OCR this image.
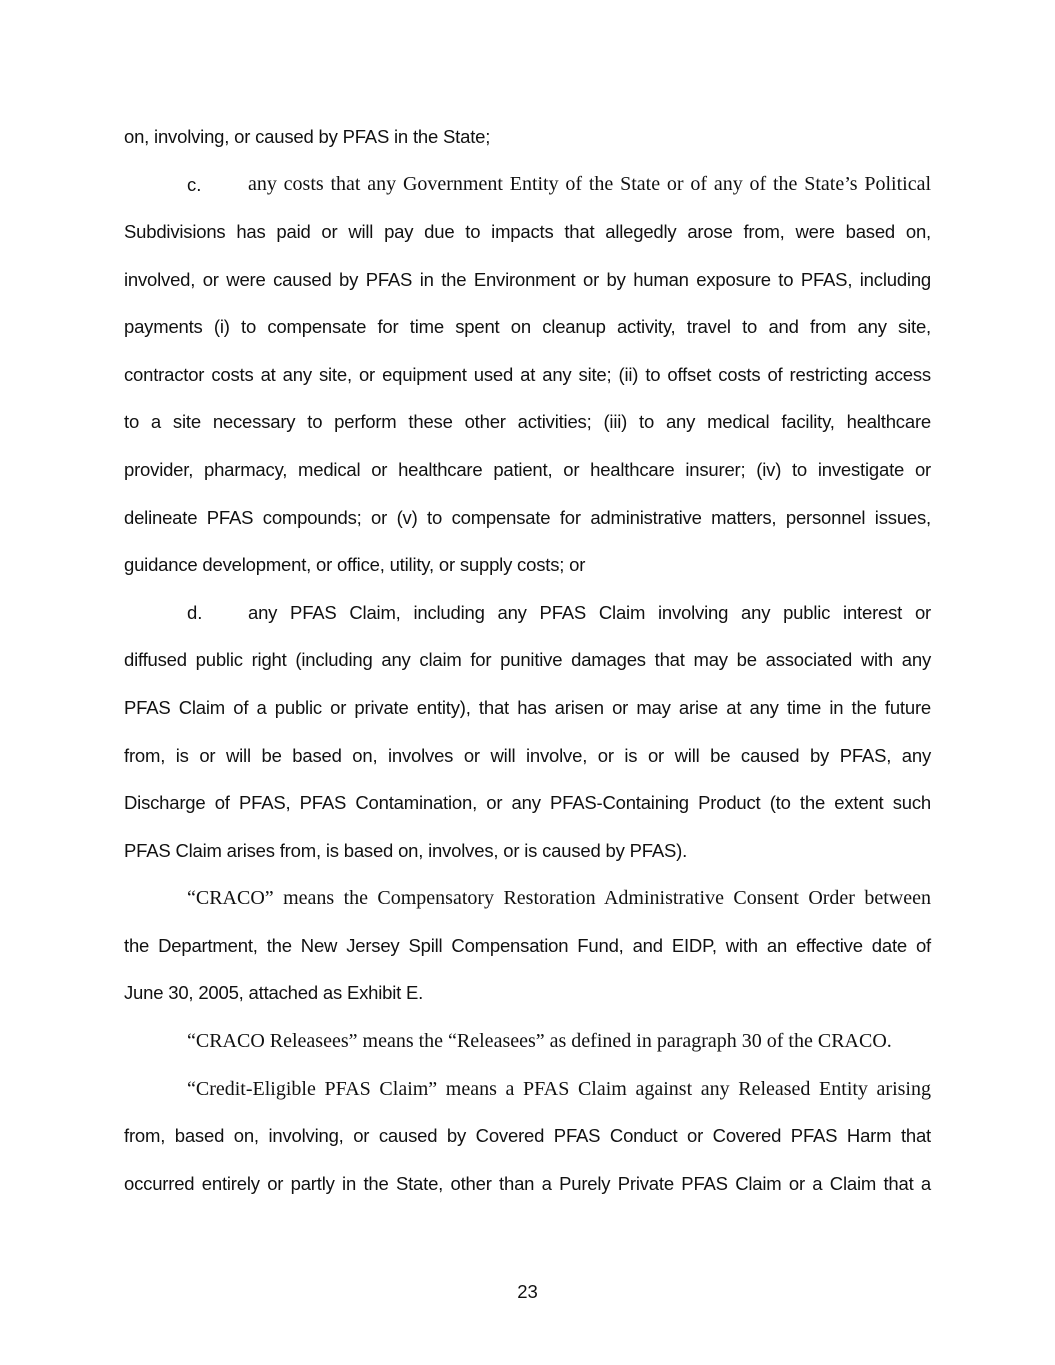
on, involving, or caused by PFAS in the State;
c. any costs that any Government Entity of the State or of any of the State’s Political
Subdivisions has paid or will pay due to impacts that allegedly arose from, were based on,
involved, or were caused by PFAS in the Environment or by human exposure to PFAS, including
payments (i) to compensate for time spent on cleanup activity, travel to and from any site,
contractor costs at any site, or equipment used at any site; (ii) to offset costs of restricting access
to a site necessary to perform these other activities; (iii) to any medical facility, healthcare
provider, pharmacy, medical or healthcare patient, or healthcare insurer; (iv) to investigate or
delineate PFAS compounds; or (v) to compensate for administrative matters, personnel issues,
guidance development, or office, utility, or supply costs; or
d. any PFAS Claim, including any PFAS Claim involving any public interest or
diffused public right (including any claim for punitive damages that may be associated with any
PFAS Claim of a public or private entity), that has arisen or may arise at any time in the future
from, is or will be based on, involves or will involve, or is or will be caused by PFAS, any
Discharge of PFAS, PFAS Contamination, or any PFAS-Containing Product (to the extent such
PFAS Claim arises from, is based on, involves, or is caused by PFAS).
“CRACO” means the Compensatory Restoration Administrative Consent Order between
the Department, the New Jersey Spill Compensation Fund, and EIDP, with an effective date of
June 30, 2005, attached as Exhibit E.
“CRACO Releasees” means the “Releasees” as defined in paragraph 30 of the CRACO.
“Credit-Eligible PFAS Claim” means a PFAS Claim against any Released Entity arising
from, based on, involving, or caused by Covered PFAS Conduct or Covered PFAS Harm that
occurred entirely or partly in the State, other than a Purely Private PFAS Claim or a Claim that a
23
